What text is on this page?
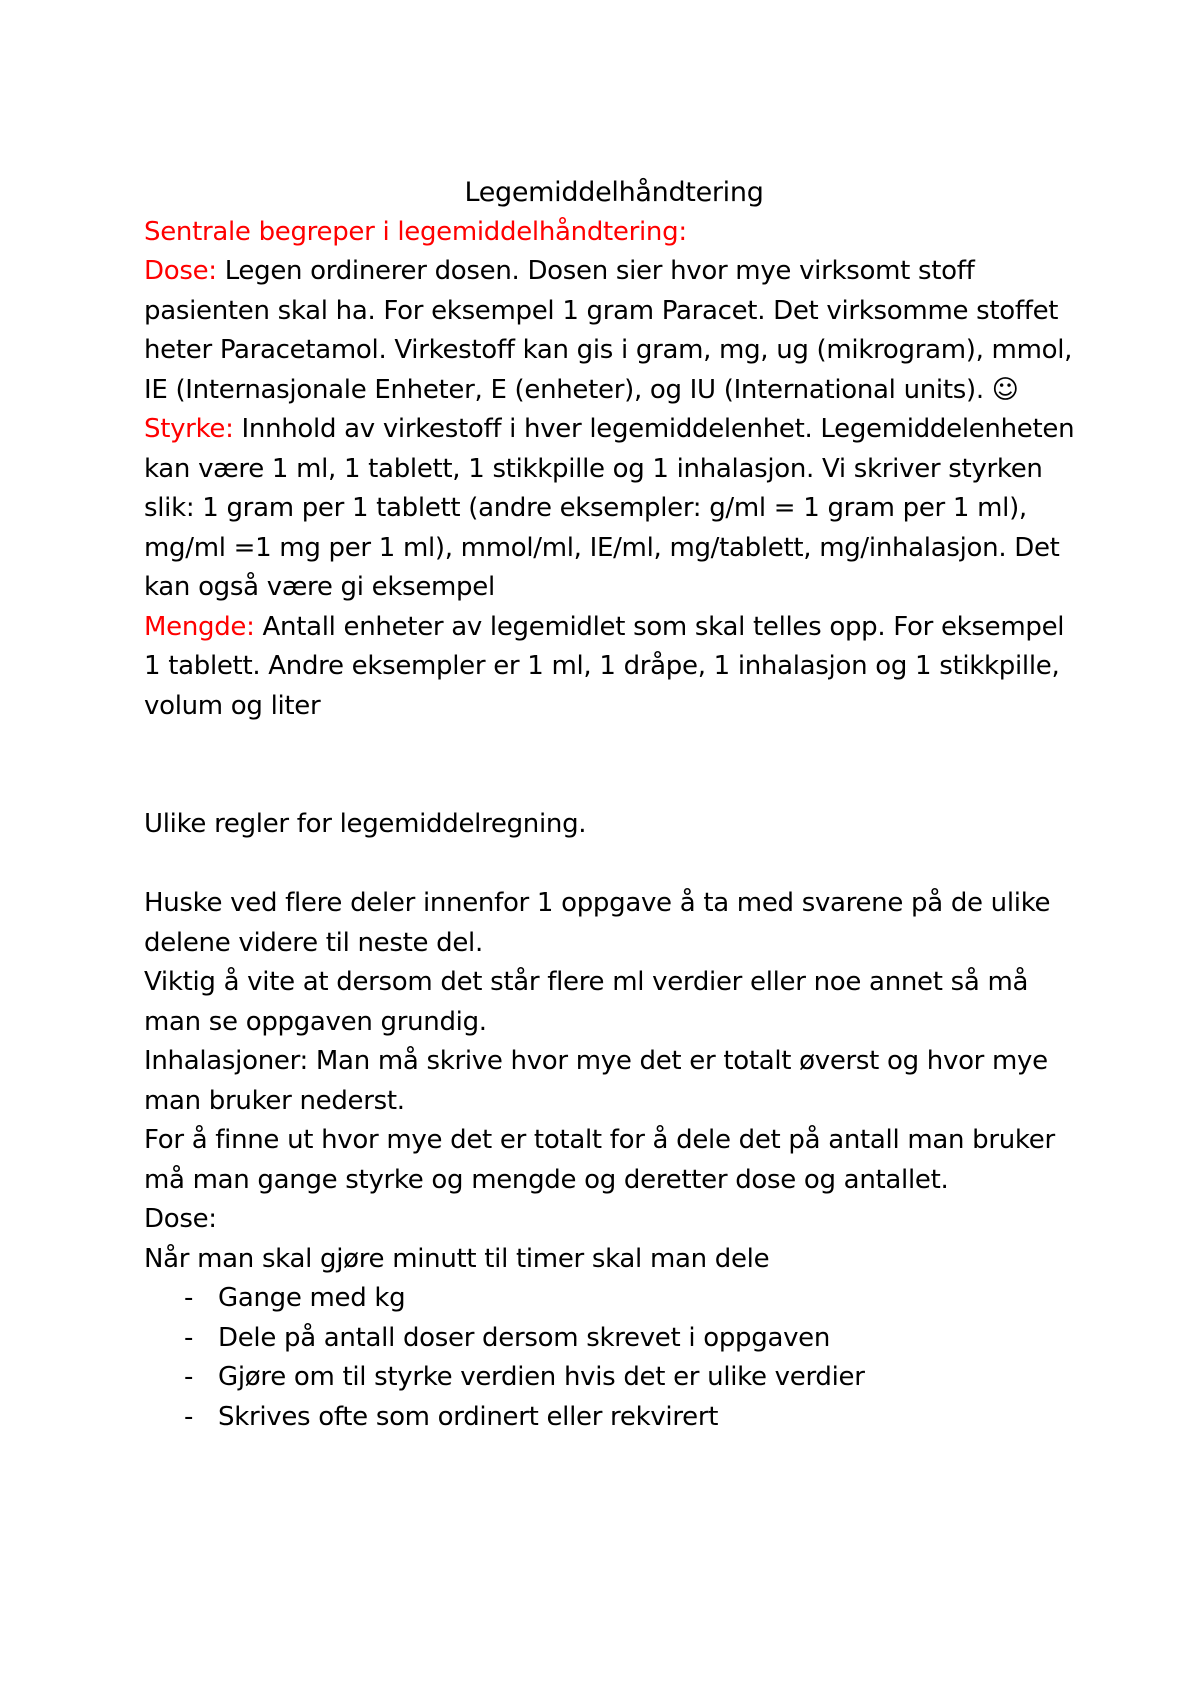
Legemiddelhåndtering

Sentrale begreper i legemiddelhåndtering:

Dose: Legen ordinerer dosen. Dosen sier hvor mye virksomt stoff pasienten skal ha. For eksempel 1 gram Paracet. Det virksomme stoffet heter Paracetamol. Virkestoff kan gis i gram, mg, ug (mikrogram), mmol, IE (Internasjonale Enheter, E (enheter), og IU (International units). ☺

Styrke: Innhold av virkestoff i hver legemiddelenhet. Legemiddelenheten kan være 1 ml, 1 tablett, 1 stikkpille og 1 inhalasjon. Vi skriver styrken slik: 1 gram per 1 tablett (andre eksempler: g/ml = 1 gram per 1 ml), mg/ml =1 mg per 1 ml), mmol/ml, IE/ml, mg/tablett, mg/inhalasjon. Det kan også være gi eksempel

Mengde: Antall enheter av legemidlet som skal telles opp. For eksempel 1 tablett. Andre eksempler er 1 ml, 1 dråpe, 1 inhalasjon og 1 stikkpille, volum og liter

Ulike regler for legemiddelregning.

Huske ved flere deler innenfor 1 oppgave å ta med svarene på de ulike delene videre til neste del.

Viktig å vite at dersom det står flere ml verdier eller noe annet så må man se oppgaven grundig.

Inhalasjoner: Man må skrive hvor mye det er totalt øverst og hvor mye man bruker nederst.

For å finne ut hvor mye det er totalt for å dele det på antall man bruker må man gange styrke og mengde og deretter dose og antallet.

Dose:

Når man skal gjøre minutt til timer skal man dele

- Gange med kg
- Dele på antall doser dersom skrevet i oppgaven
- Gjøre om til styrke verdien hvis det er ulike verdier
- Skrives ofte som ordinert eller rekvirert
